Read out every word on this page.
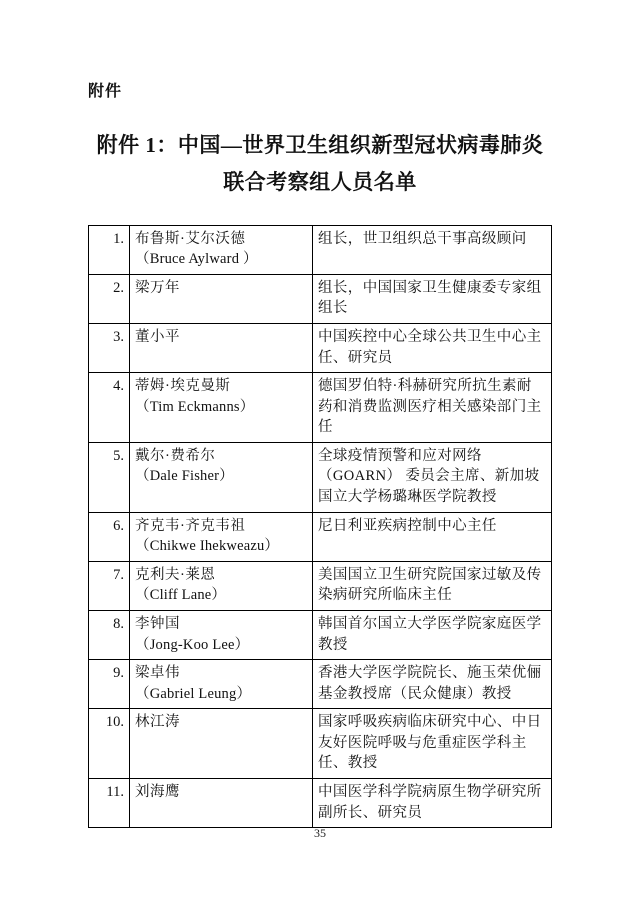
附件
附件 1：中国—世界卫生组织新型冠状病毒肺炎
联合考察组人员名单
1.	布鲁斯·艾尔沃德
（Bruce Aylward ）	组长，世卫组织总干事高级顾问

2.	梁万年	组长，中国国家卫生健康委专家组组长

3.	董小平	中国疾控中心全球公共卫生中心主任、研究员

4.	蒂姆·埃克曼斯
（Tim Eckmanns）	德国罗伯特·科赫研究所抗生素耐药和消费监测医疗相关感染部门主任

5.	戴尔·费希尔
（Dale Fisher）	全球疫情预警和应对网络（GOARN） 委员会主席、新加坡国立大学杨璐琳医学院教授

6.	齐克韦·齐克韦祖
（Chikwe Ihekweazu）	尼日利亚疾病控制中心主任

7.	克利夫·莱恩
（Cliff Lane）	美国国立卫生研究院国家过敏及传染病研究所临床主任

8.	李钟国
（Jong-Koo Lee）	韩国首尔国立大学医学院家庭医学教授

9.	梁卓伟
（Gabriel Leung）	香港大学医学院院长、施玉荣优俪基金教授席（民众健康）教授

10.	林江涛	国家呼吸疾病临床研究中心、中日友好医院呼吸与危重症医学科主任、教授

11.	刘海鹰	中国医学科学院病原生物学研究所副所长、研究员
35
